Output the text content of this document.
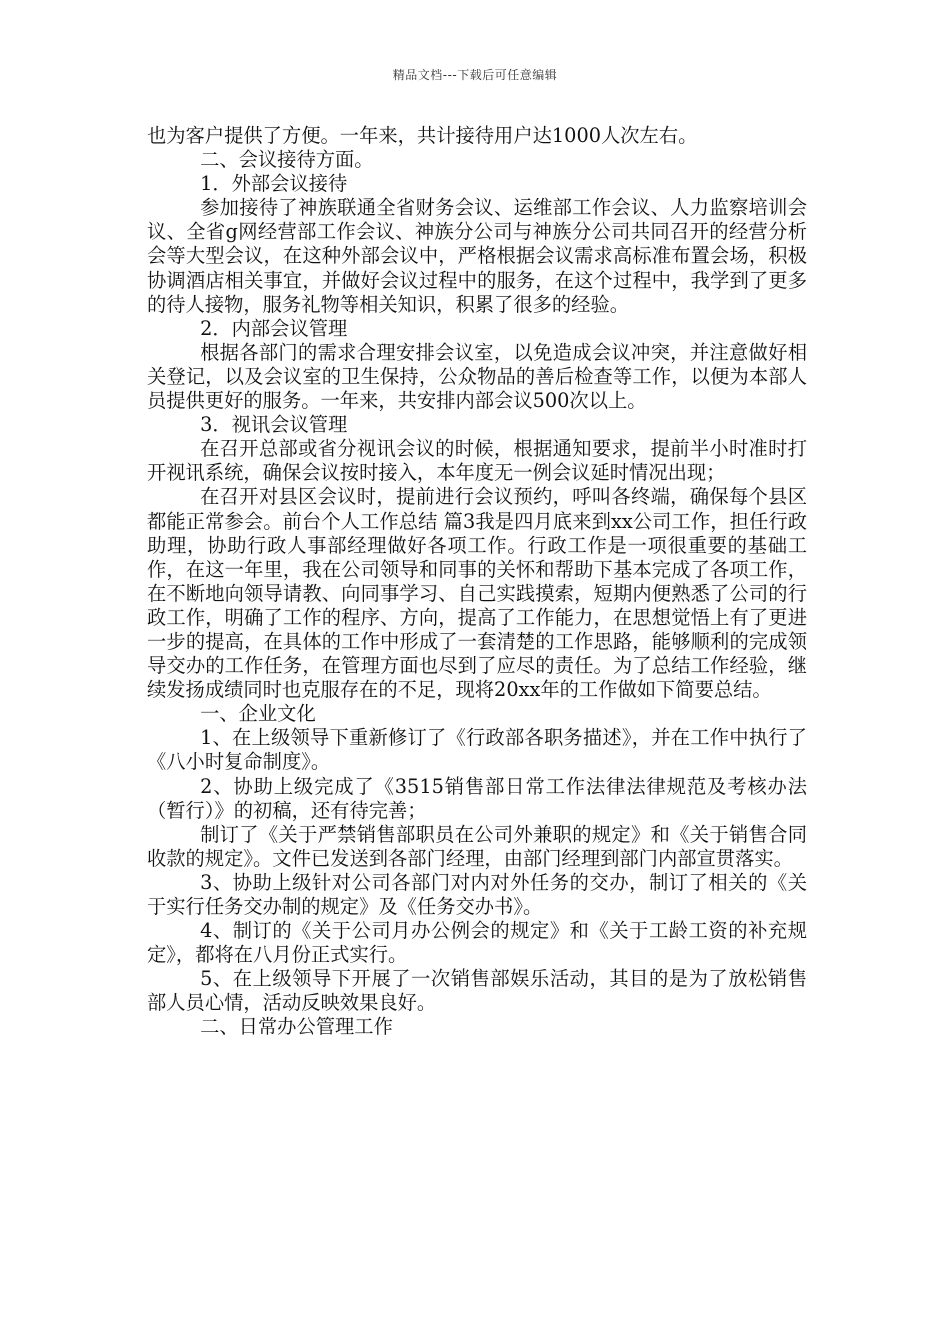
精品文档---下载后可任意编辑

也为客户提供了方便。一年来，共计接待用户达1000人次左右。

二、会议接待方面。

1．外部会议接待

参加接待了神族联通全省财务会议、运维部工作会议、人力监察培训会议、全省g网经营部工作会议、神族分公司与神族分公司共同召开的经营分析会等大型会议，在这种外部会议中，严格根据会议需求高标准布置会场，积极协调酒店相关事宜，并做好会议过程中的服务，在这个过程中，我学到了更多的待人接物，服务礼物等相关知识，积累了很多的经验。

2．内部会议管理

根据各部门的需求合理安排会议室，以免造成会议冲突，并注意做好相关登记，以及会议室的卫生保持，公众物品的善后检查等工作，以便为本部人员提供更好的服务。一年来，共安排内部会议500次以上。

3．视讯会议管理

在召开总部或省分视讯会议的时候，根据通知要求，提前半小时准时打开视讯系统，确保会议按时接入，本年度无一例会议延时情况出现；

在召开对县区会议时，提前进行会议预约，呼叫各终端，确保每个县区都能正常参会。前台个人工作总结 篇3我是四月底来到xx公司工作，担任行政助理，协助行政人事部经理做好各项工作。行政工作是一项很重要的基础工作，在这一年里，我在公司领导和同事的关怀和帮助下基本完成了各项工作，在不断地向领导请教、向同事学习、自己实践摸索，短期内便熟悉了公司的行政工作，明确了工作的程序、方向，提高了工作能力，在思想觉悟上有了更进一步的提高，在具体的工作中形成了一套清楚的工作思路，能够顺利的完成领导交办的工作任务，在管理方面也尽到了应尽的责任。为了总结工作经验，继续发扬成绩同时也克服存在的不足，现将20xx年的工作做如下简要总结。

一、企业文化

1、在上级领导下重新修订了《行政部各职务描述》，并在工作中执行了《八小时复命制度》。

2、协助上级完成了《3515销售部日常工作法律法律规范及考核办法（暂行）》的初稿，还有待完善；

制订了《关于严禁销售部职员在公司外兼职的规定》和《关于销售合同收款的规定》。文件已发送到各部门经理，由部门经理到部门内部宣贯落实。

3、协助上级针对公司各部门对内对外任务的交办，制订了相关的《关于实行任务交办制的规定》及《任务交办书》。

4、制订的《关于公司月办公例会的规定》和《关于工龄工资的补充规定》，都将在八月份正式实行。

5、在上级领导下开展了一次销售部娱乐活动，其目的是为了放松销售部人员心情，活动反映效果良好。

二、日常办公管理工作
